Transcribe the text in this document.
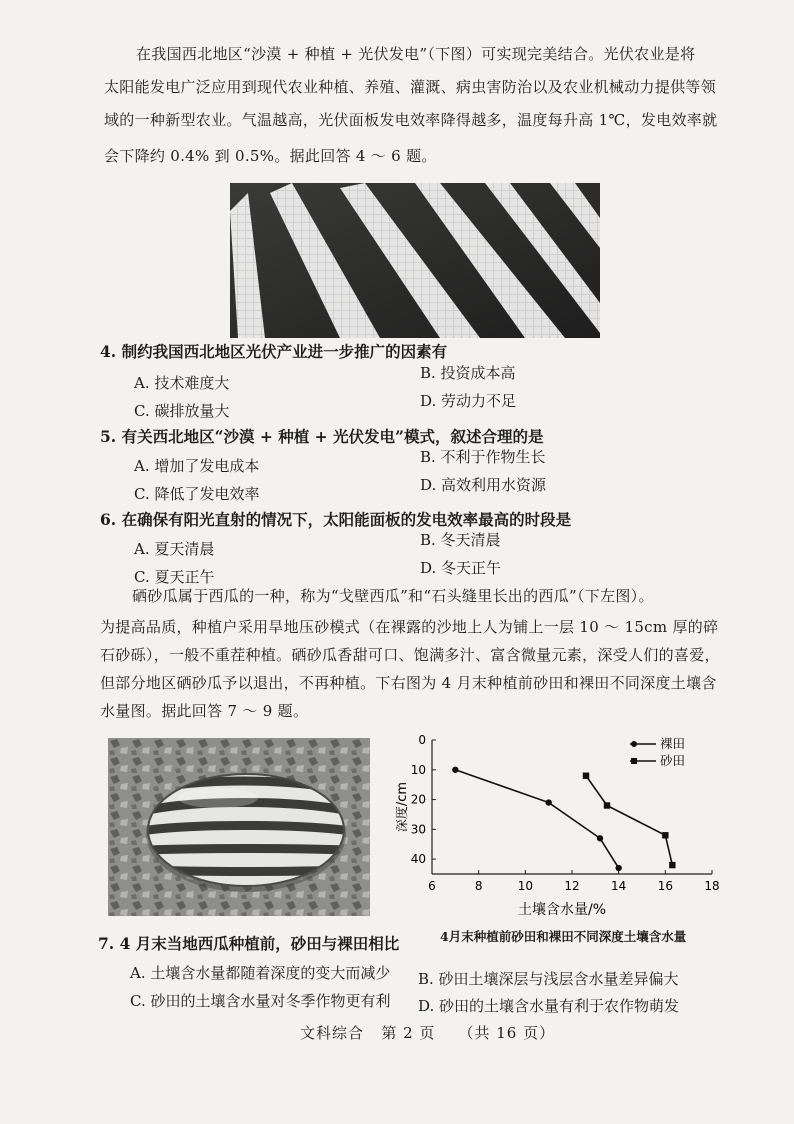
在我国西北地区“沙漠 + 种植 + 光伏发电”（下图）可实现完美结合。光伏农业是将
太阳能发电广泛应用到现代农业种植、养殖、灌溉、病虫害防治以及农业机械动力提供等领
域的一种新型农业。气温越高，光伏面板发电效率降得越多，温度每升高 1℃，发电效率就
会下降约 0.4% 到 0.5%。据此回答 4 ～ 6 题。
4. 制约我国西北地区光伏产业进一步推广的因素有
A. 技术难度大
B. 投资成本高
C. 碳排放量大
D. 劳动力不足
5. 有关西北地区“沙漠 + 种植 + 光伏发电”模式，叙述合理的是
A. 增加了发电成本	B. 不利于作物生长
C. 降低了发电效率	D. 高效利用水资源
6. 在确保有阳光直射的情况下，太阳能面板的发电效率最高的时段是
A. 夏天清晨	B. 冬天清晨
C. 夏天正午	D. 冬天正午
硒砂瓜属于西瓜的一种，称为“戈壁西瓜”和“石头缝里长出的西瓜”（下左图）。
为提高品质，种植户采用旱地压砂模式（在裸露的沙地上人为铺上一层 10 ～ 15cm 厚的碎
石砂砾），一般不重茬种植。硒砂瓜香甜可口、饱满多汁、富含微量元素，深受人们的喜爱，
但部分地区硒砂瓜予以退出，不再种植。下右图为 4 月末种植前砂田和裸田不同深度土壤含
水量图。据此回答 7 ～ 9 题。
6	8	10	12	14	16	18
0
10
20
30
40
裸田
砂田
土壤含水量/%
深度/cm
4月末种植前砂田和裸田不同深度土壤含水量
7. 4 月末当地西瓜种植前，砂田与裸田相比
A. 土壤含水量都随着深度的变大而减少 B. 砂田土壤深层与浅层含水量差异偏大
C. 砂田的土壤含水量对冬季作物更有利 D. 砂田的土壤含水量有利于农作物萌发
文科综合 第 2 页 （共 16 页）
